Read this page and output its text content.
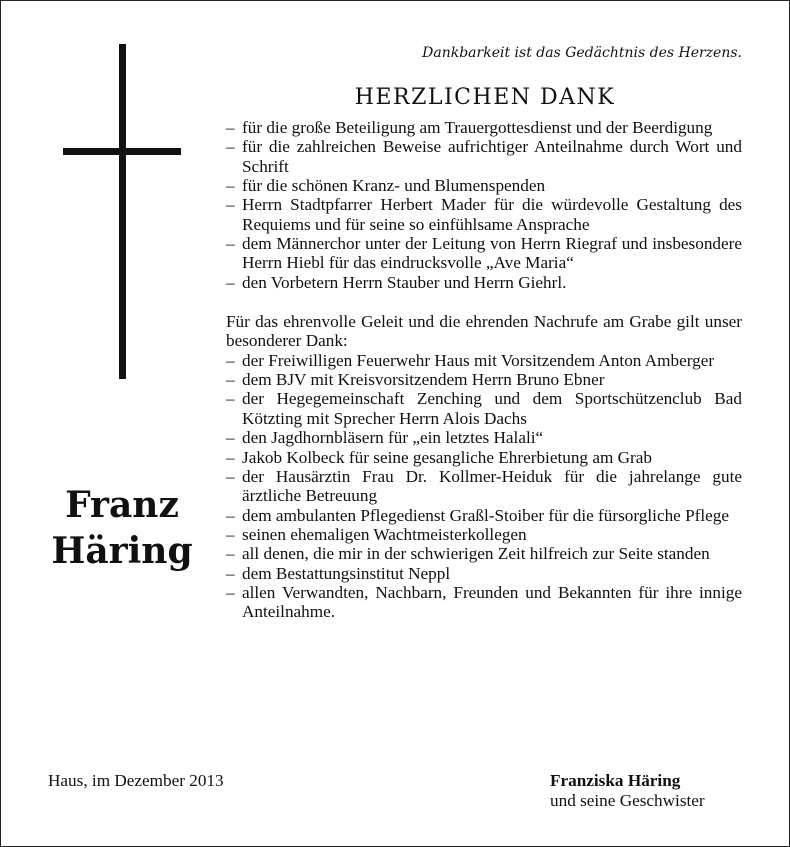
Franz
Häring
Dankbarkeit ist das Gedächtnis des Herzens.
HERZLICHEN DANK
– für die große Beteiligung am Trauergottesdienst und der Beerdigung
– für die zahlreichen Beweise aufrichtiger Anteilnahme durch Wort und Schrift
– für die schönen Kranz- und Blumenspenden
– Herrn Stadtpfarrer Herbert Mader für die würdevolle Gestaltung des Requiems und für seine so einfühlsame Ansprache
– dem Männerchor unter der Leitung von Herrn Riegraf und insbesondere Herrn Hiebl für das eindrucksvolle „Ave Maria“
– den Vorbetern Herrn Stauber und Herrn Giehrl.
Für das ehrenvolle Geleit und die ehrenden Nachrufe am Grabe gilt unser besonderer Dank:
– der Freiwilligen Feuerwehr Haus mit Vorsitzendem Anton Amberger
– dem BJV mit Kreisvorsitzendem Herrn Bruno Ebner
– der Hegegemeinschaft Zenching und dem Sportschützenclub Bad Kötzting mit Sprecher Herrn Alois Dachs
– den Jagdhornbläsern für „ein letztes Halali“
– Jakob Kolbeck für seine gesangliche Ehrerbietung am Grab
– der Hausärztin Frau Dr. Kollmer-Heiduk für die jahrelange gute ärztliche Betreuung
– dem ambulanten Pflegedienst Graßl-Stoiber für die fürsorgliche Pflege
– seinen ehemaligen Wachtmeisterkollegen
– all denen, die mir in der schwierigen Zeit hilfreich zur Seite standen
– dem Bestattungsinstitut Neppl
– allen Verwandten, Nachbarn, Freunden und Bekannten für ihre innige Anteilnahme.
Haus, im Dezember 2013	Franziska Häring
und seine Geschwister
